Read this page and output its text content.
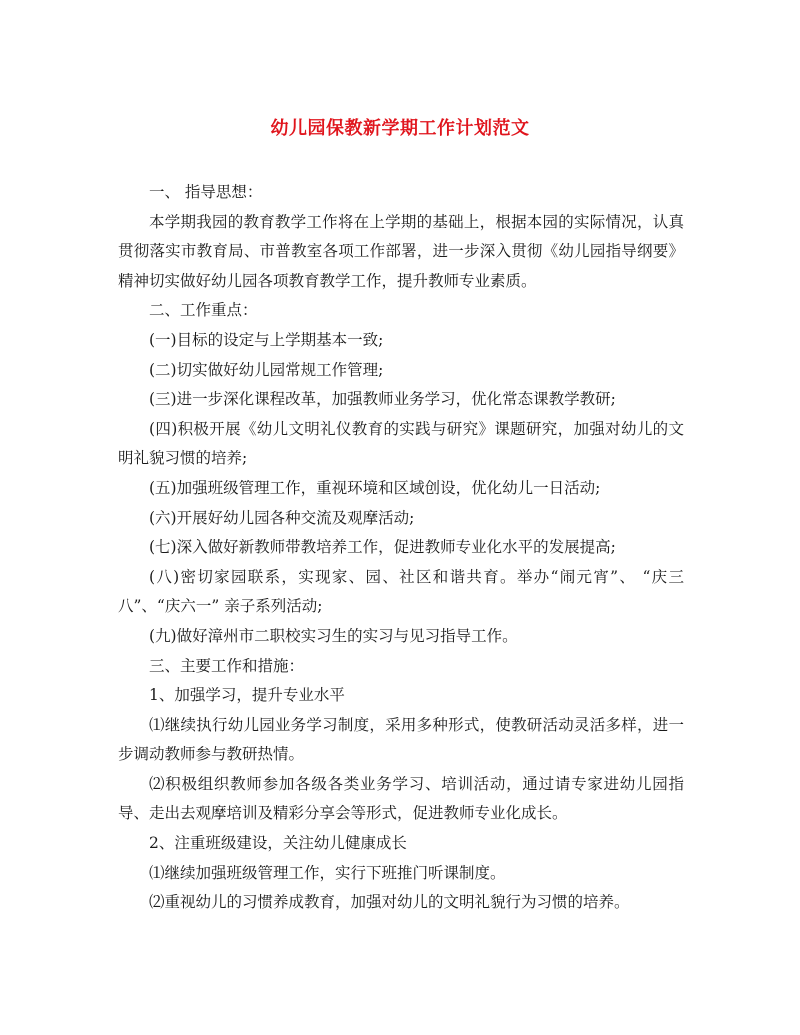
幼儿园保教新学期工作计划范文

一、 指导思想：

本学期我园的教育教学工作将在上学期的基础上，根据本园的实际情况，认真贯彻落实市教育局、市普教室各项工作部署，进一步深入贯彻《幼儿园指导纲要》精神切实做好幼儿园各项教育教学工作，提升教师专业素质。

二、工作重点：

(一)目标的设定与上学期基本一致;

(二)切实做好幼儿园常规工作管理;

(三)进一步深化课程改革，加强教师业务学习，优化常态课教学教研;

(四)积极开展《幼儿文明礼仪教育的实践与研究》课题研究，加强对幼儿的文明礼貌习惯的培养;

(五)加强班级管理工作，重视环境和区域创设，优化幼儿一日活动;

(六)开展好幼儿园各种交流及观摩活动;

(七)深入做好新教师带教培养工作，促进教师专业化水平的发展提高;

(八)密切家园联系，实现家、园、社区和谐共育。举办“闹元宵”、 “庆三八”、“庆六一” 亲子系列活动;

(九)做好漳州市二职校实习生的实习与见习指导工作。

三、主要工作和措施：

1、加强学习，提升专业水平

⑴继续执行幼儿园业务学习制度，采用多种形式，使教研活动灵活多样，进一步调动教师参与教研热情。

⑵积极组织教师参加各级各类业务学习、培训活动，通过请专家进幼儿园指导、走出去观摩培训及精彩分享会等形式，促进教师专业化成长。

2、注重班级建设，关注幼儿健康成长

⑴继续加强班级管理工作，实行下班推门听课制度。

⑵重视幼儿的习惯养成教育，加强对幼儿的文明礼貌行为习惯的培养。
